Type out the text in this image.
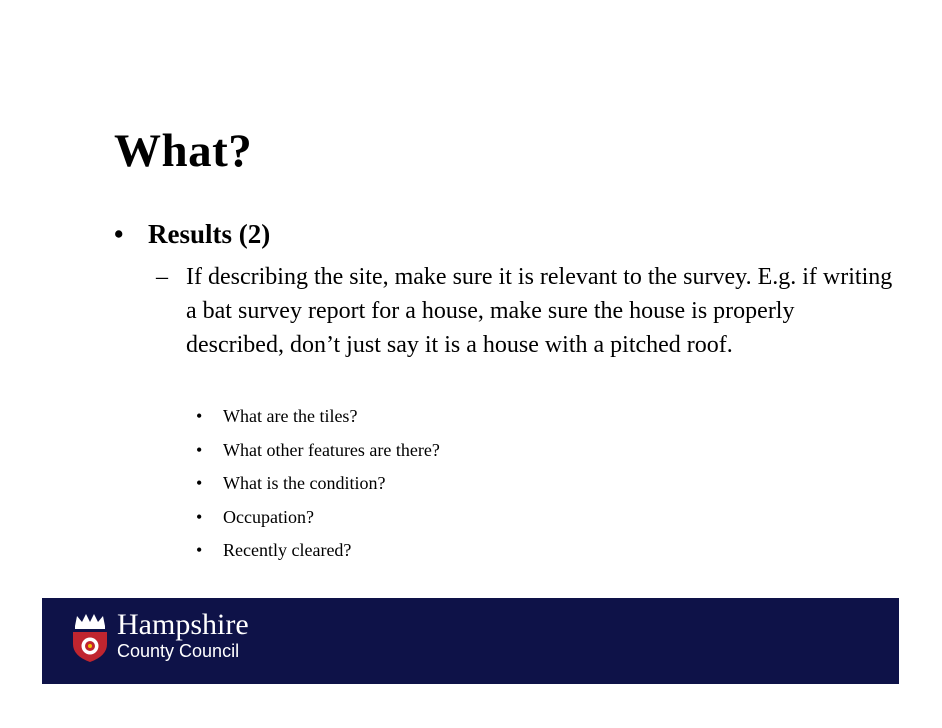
What?
• Results (2)
– If describing the site, make sure it is relevant to the survey. E.g. if writing a bat survey report for a house, make sure the house is properly described, don’t just say it is a house with a pitched roof.
• What are the tiles?
• What other features are there?
• What is the condition?
• Occupation?
• Recently cleared?
Hampshire
County Council
